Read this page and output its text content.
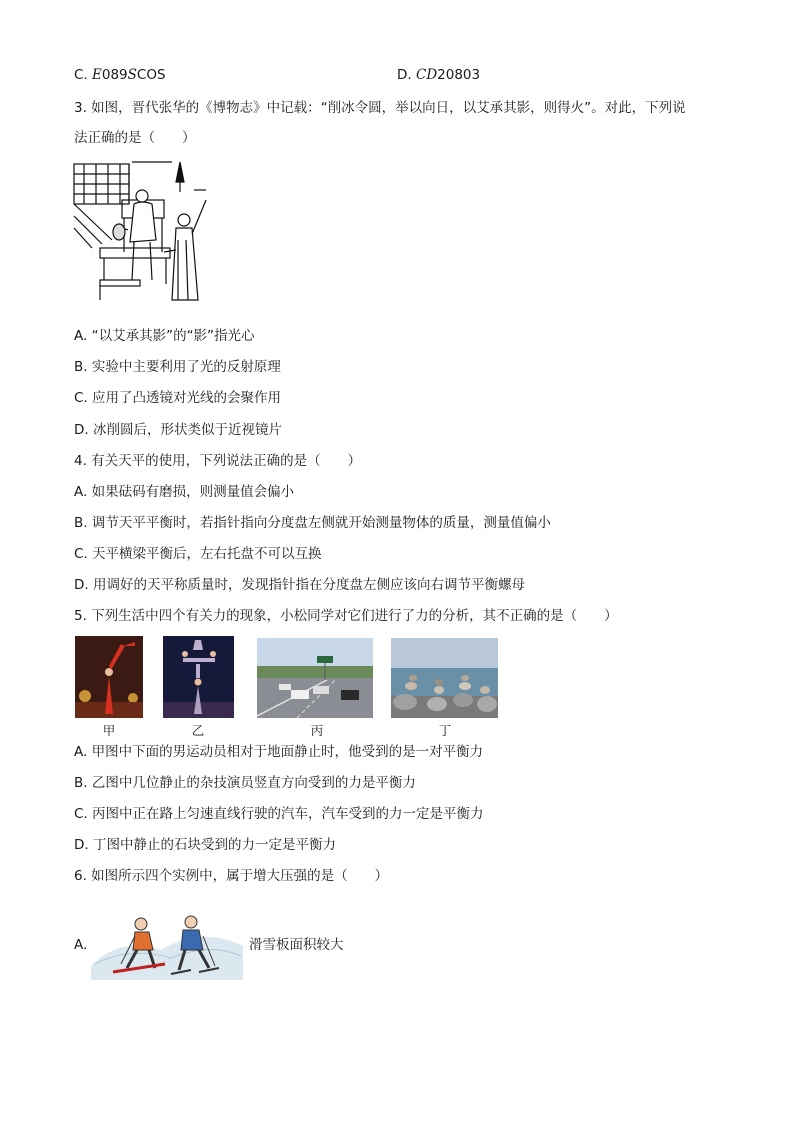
C. E089SCOS	D. CD20803
3. 如图，晋代张华的《博物志》中记载：“削冰令圆，举以向日，以艾承其影，则得火”。对此，下列说
法正确的是（　　）
A. “以艾承其影”的“影”指光心
B. 实验中主要利用了光的反射原理
C. 应用了凸透镜对光线的会聚作用
D. 冰削圆后，形状类似于近视镜片
4. 有关天平的使用，下列说法正确的是（　　）
A. 如果砝码有磨损，则测量值会偏小
B. 调节天平平衡时，若指针指向分度盘左侧就开始测量物体的质量，测量值偏小
C. 天平横梁平衡后，左右托盘不可以互换
D. 用调好的天平称质量时，发现指针指在分度盘左侧应该向右调节平衡螺母
5. 下列生活中四个有关力的现象，小松同学对它们进行了力的分析，其不正确的是（　　）
甲	乙	丙	丁
A. 甲图中下面的男运动员相对于地面静止时，他受到的是一对平衡力
B. 乙图中几位静止的杂技演员竖直方向受到的力是平衡力
C. 丙图中正在路上匀速直线行驶的汽车，汽车受到的力一定是平衡力
D. 丁图中静止的石块受到的力一定是平衡力
6. 如图所示四个实例中，属于增大压强的是（　　）
A.	滑雪板面积较大
